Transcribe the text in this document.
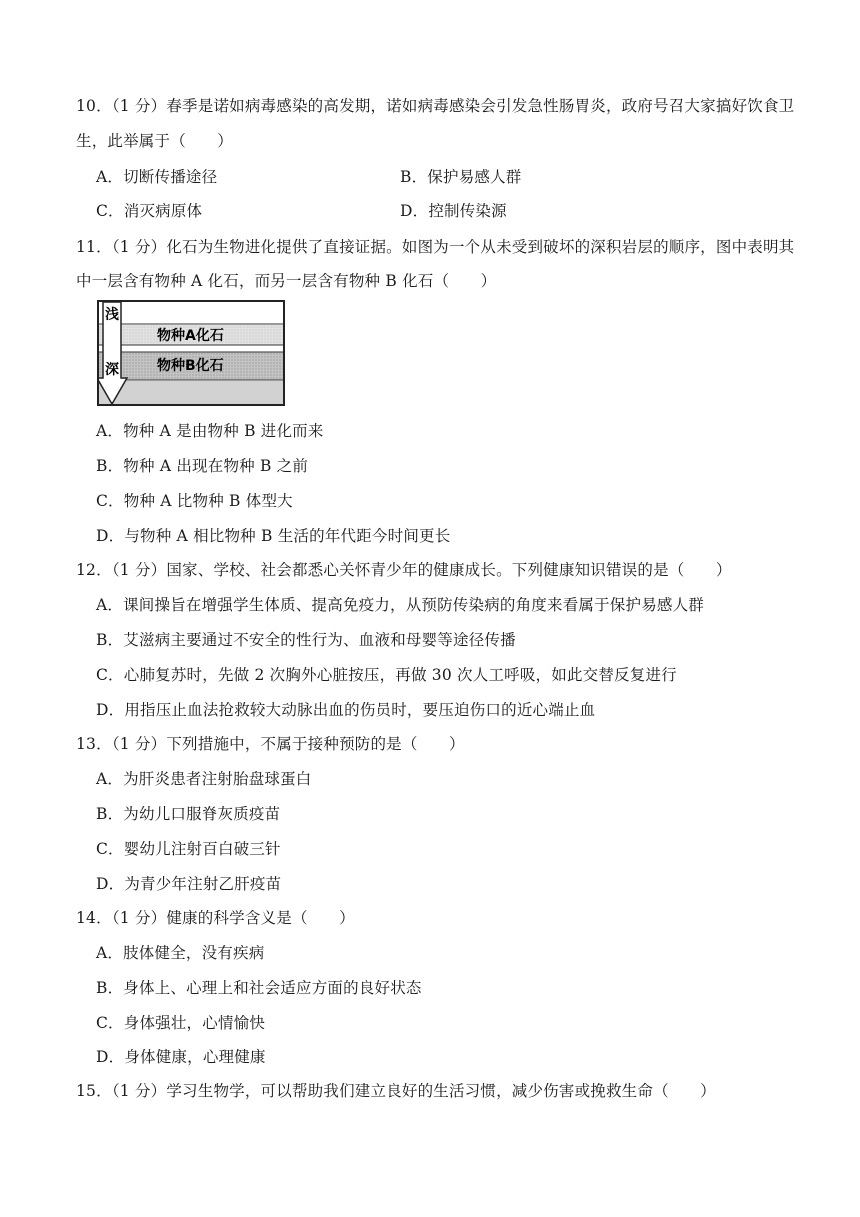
10．（1 分）春季是诺如病毒感染的高发期，诺如病毒感染会引发急性肠胃炎，政府号召大家搞好饮食卫
生，此举属于（　　）
A．切断传播途径	B．保护易感人群
C．消灭病原体	D．控制传染源
11．（1 分）化石为生物进化提供了直接证据。如图为一个从未受到破坏的深积岩层的顺序，图中表明其
中一层含有物种 A 化石，而另一层含有物种 B 化石（　　）
浅
深
物种A化石
物种B化石
A．物种 A 是由物种 B 进化而来
B．物种 A 出现在物种 B 之前
C．物种 A 比物种 B 体型大
D．与物种 A 相比物种 B 生活的年代距今时间更长
12．（1 分）国家、学校、社会都悉心关怀青少年的健康成长。下列健康知识错误的是（　　）
A．课间操旨在增强学生体质、提高免疫力，从预防传染病的角度来看属于保护易感人群
B．艾滋病主要通过不安全的性行为、血液和母婴等途径传播
C．心肺复苏时，先做 2 次胸外心脏按压，再做 30 次人工呼吸，如此交替反复进行
D．用指压止血法抢救较大动脉出血的伤员时，要压迫伤口的近心端止血
13．（1 分）下列措施中，不属于接种预防的是（　　）
A．为肝炎患者注射胎盘球蛋白
B．为幼儿口服脊灰质疫苗
C．婴幼儿注射百白破三针
D．为青少年注射乙肝疫苗
14．（1 分）健康的科学含义是（　　）
A．肢体健全，没有疾病
B．身体上、心理上和社会适应方面的良好状态
C．身体强壮，心情愉快
D．身体健康，心理健康
15．（1 分）学习生物学，可以帮助我们建立良好的生活习惯，减少伤害或挽救生命（　　）
